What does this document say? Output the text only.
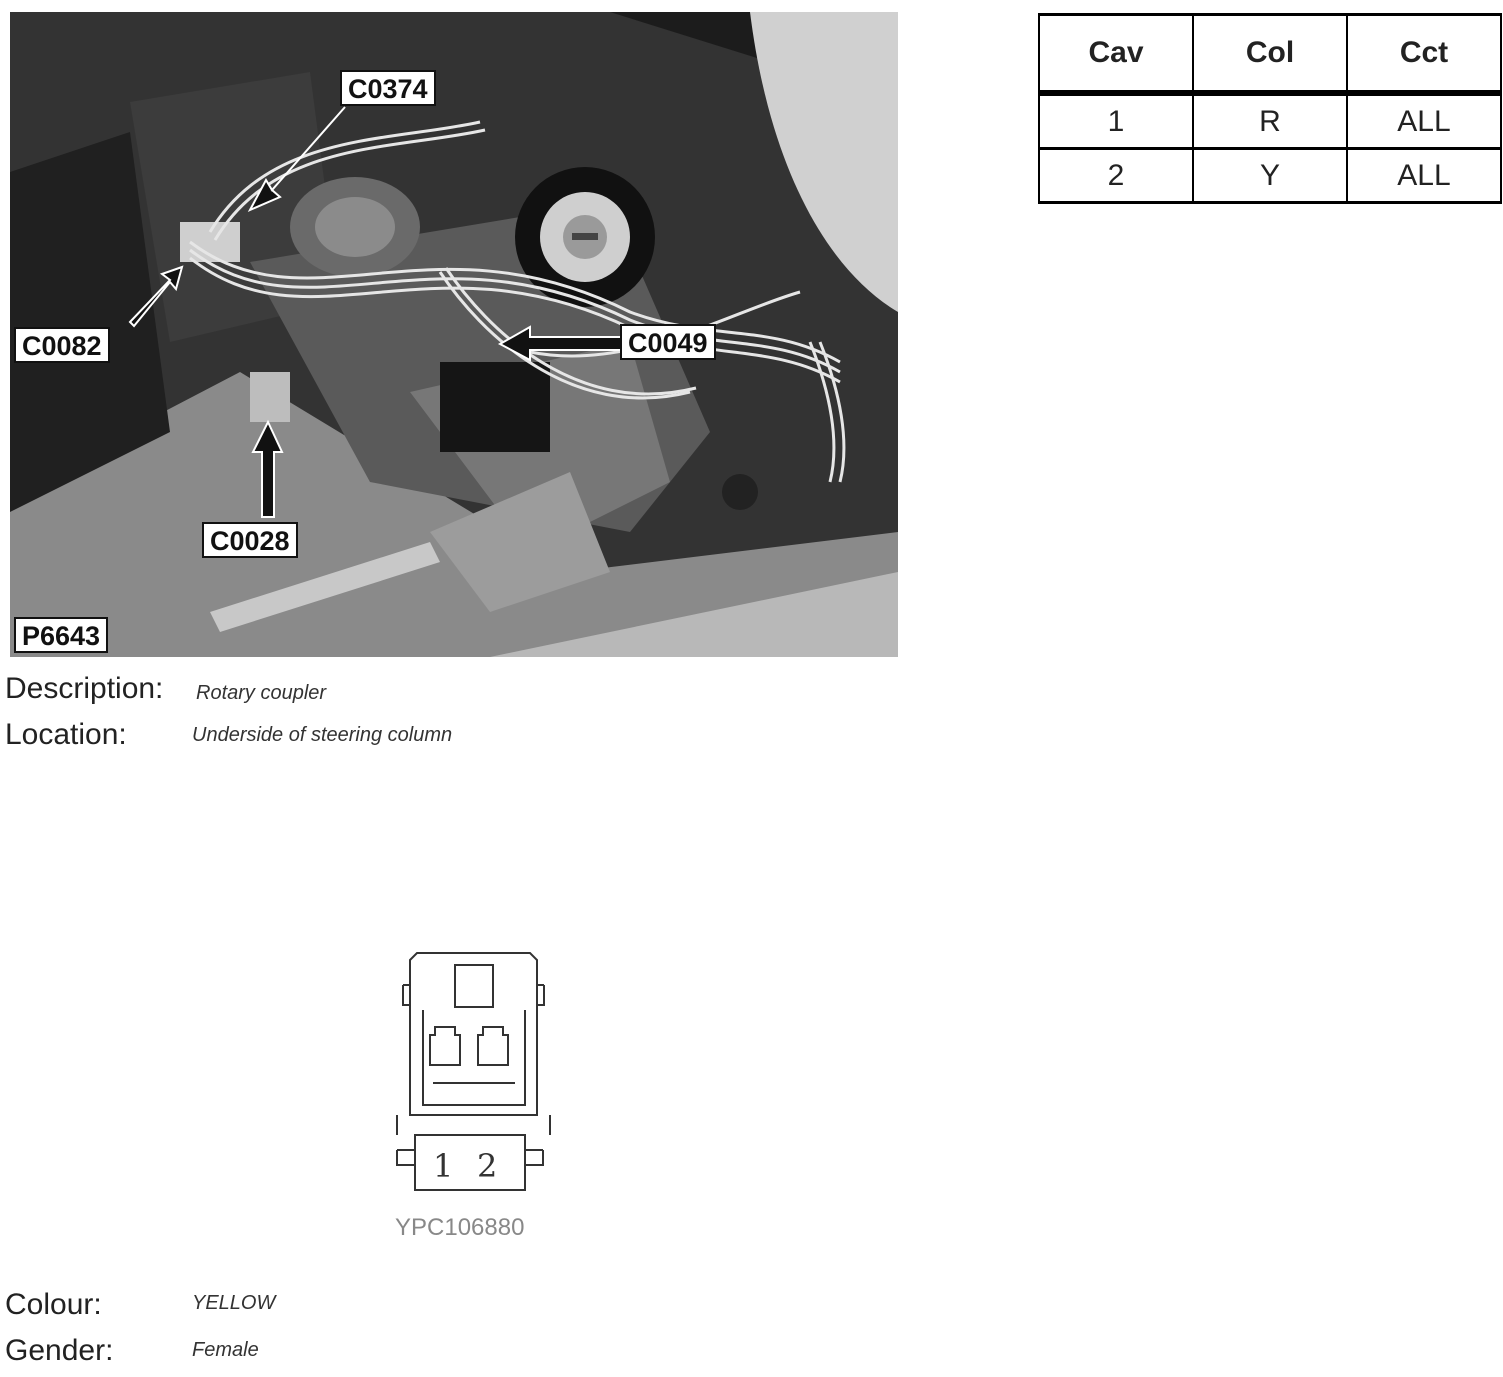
C0374
C0082	C0049
C0028
P6643
Cav	Col	Cct
1	R	ALL
2	Y	ALL
Description: Rotary coupler
Location:	Underside of steering column
1 2
YPC106880
Colour:	YELLOW
Gender:	Female
